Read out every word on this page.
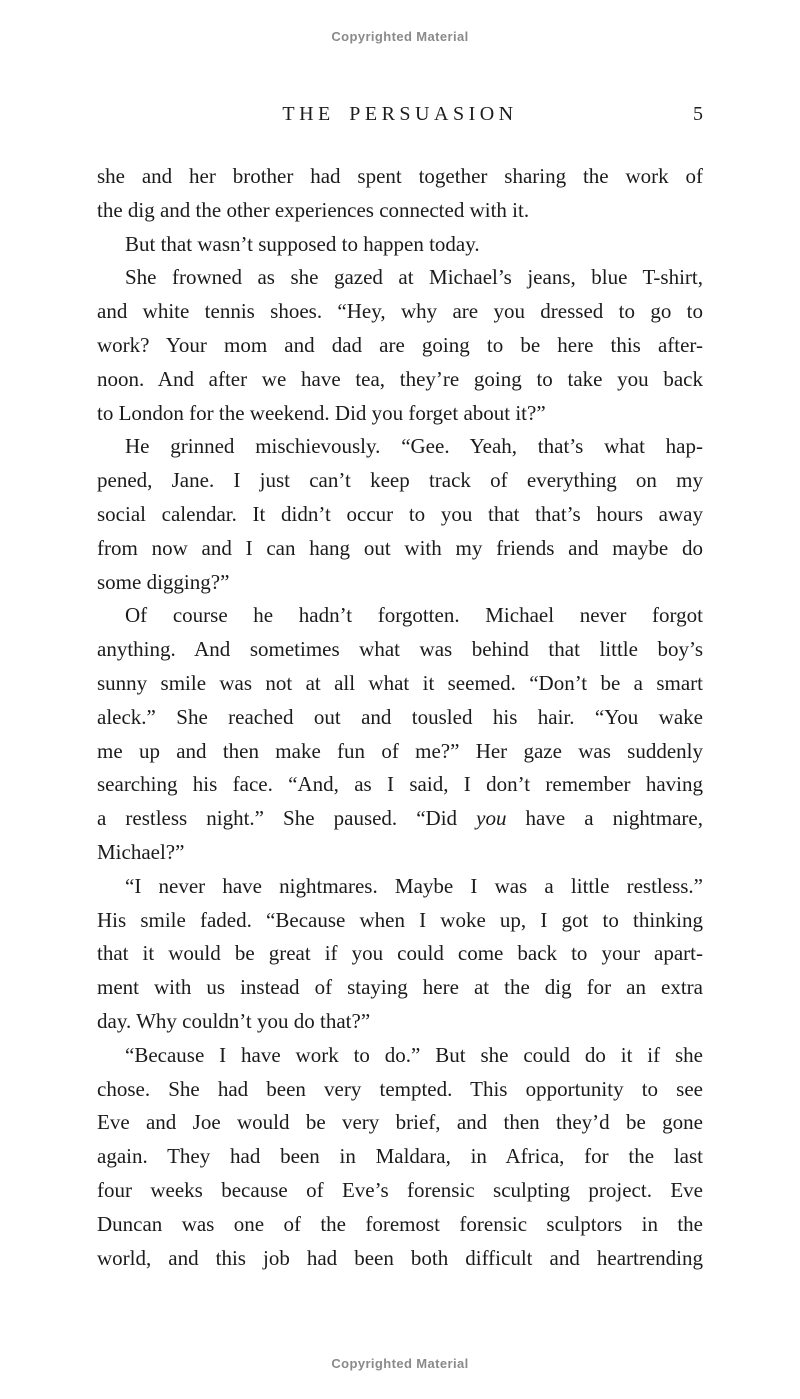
Copyrighted Material
THE PERSUASION	5
she and her brother had spent together sharing the work of
the dig and the other experiences connected with it.
But that wasn’t supposed to happen today.
She frowned as she gazed at Michael’s jeans, blue T-shirt,
and white tennis shoes. “Hey, why are you dressed to go to
work? Your mom and dad are going to be here this after-
noon. And after we have tea, they’re going to take you back
to London for the weekend. Did you forget about it?”
He grinned mischievously. “Gee. Yeah, that’s what hap-
pened, Jane. I just can’t keep track of everything on my
social calendar. It didn’t occur to you that that’s hours away
from now and I can hang out with my friends and maybe do
some digging?”
Of course he hadn’t forgotten. Michael never forgot
anything. And sometimes what was behind that little boy’s
sunny smile was not at all what it seemed. “Don’t be a smart
aleck.” She reached out and tousled his hair. “You wake
me up and then make fun of me?” Her gaze was suddenly
searching his face. “And, as I said, I don’t remember having
a restless night.” She paused. “Did you have a nightmare,
Michael?”
“I never have nightmares. Maybe I was a little restless.”
His smile faded. “Because when I woke up, I got to thinking
that it would be great if you could come back to your apart-
ment with us instead of staying here at the dig for an extra
day. Why couldn’t you do that?”
“Because I have work to do.” But she could do it if she
chose. She had been very tempted. This opportunity to see
Eve and Joe would be very brief, and then they’d be gone
again. They had been in Maldara, in Africa, for the last
four weeks because of Eve’s forensic sculpting project. Eve
Duncan was one of the foremost forensic sculptors in the
world, and this job had been both difficult and heartrending
Copyrighted Material
